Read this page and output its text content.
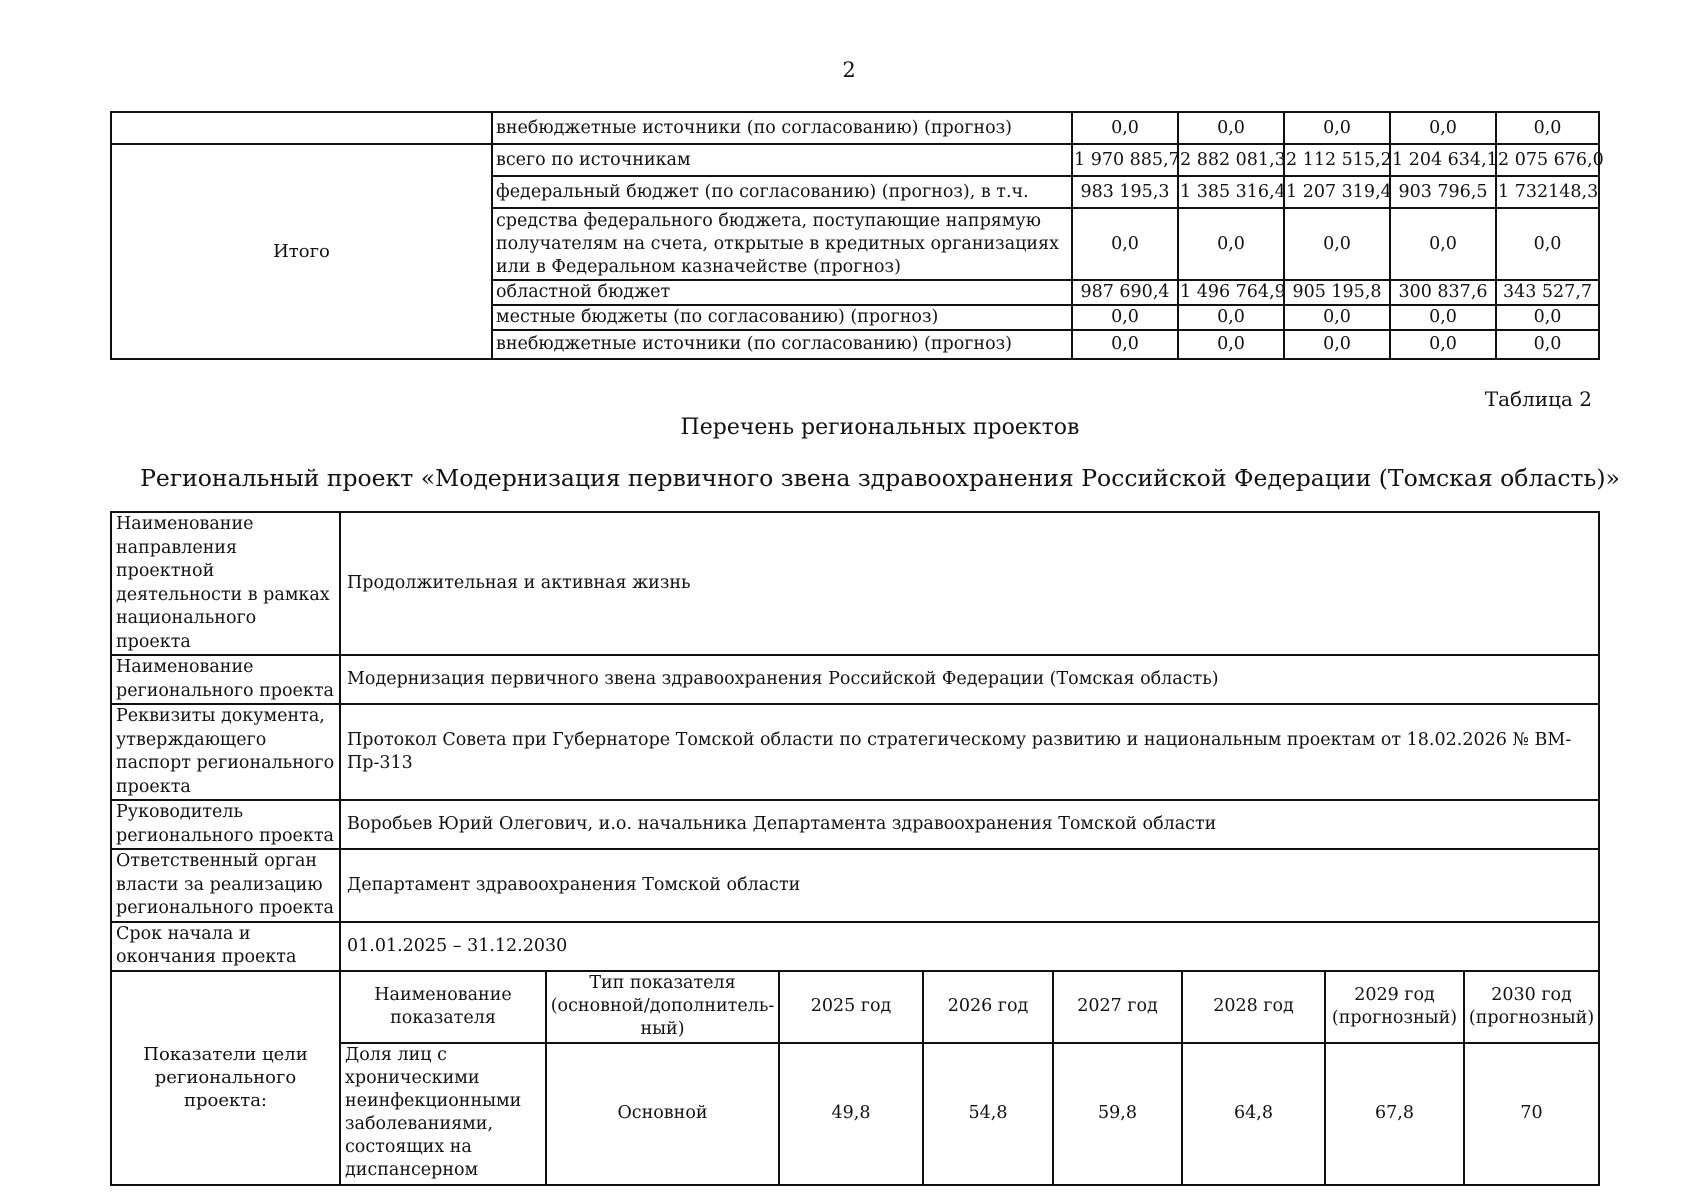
2
	внебюджетные источники (по согласованию) (прогноз)	0,0	0,0	0,0	0,0	0,0
Итого	всего по источникам	1 970 885,7	2 882 081,3	2 112 515,2	1 204 634,1	2 075 676,0
	федеральный бюджет (по согласованию) (прогноз), в т.ч.	983 195,3	1 385 316,4	1 207 319,4	903 796,5	1 732148,3
	средства федерального бюджета, поступающие напрямую получателям на счета, открытые в кредитных организациях или в Федеральном казначействе (прогноз)	0,0	0,0	0,0	0,0	0,0
	областной бюджет	987 690,4	1 496 764,9	905 195,8	300 837,6	343 527,7
	местные бюджеты (по согласованию) (прогноз)	0,0	0,0	0,0	0,0	0,0
	внебюджетные источники (по согласованию) (прогноз)	0,0	0,0	0,0	0,0	0,0
Таблица 2
Перечень региональных проектов
Региональный проект «Модернизация первичного звена здравоохранения Российской Федерации (Томская область)»
Наименование направления проектной деятельности в рамках национального проекта	Продолжительная и активная жизнь							
Наименование регионального проекта	Модернизация первичного звена здравоохранения Российской Федерации (Томская область)							
Реквизиты документа, утверждающего паспорт регионального проекта	Протокол Совета при Губернаторе Томской области по стратегическому развитию и национальным проектам от 18.02.2026 № ВМ-Пр-313							
Руководитель регионального проекта	Воробьев Юрий Олегович, и.о. начальника Департамента здравоохранения Томской области							
Ответственный орган власти за реализацию регионального проекта	Департамент здравоохранения Томской области							
Срок начала и окончания проекта	01.01.2025 – 31.12.2030							
Показатели цели регионального проекта:	Наименование показателя	Тип показателя (основной/дополнитель-ный)	2025 год	2026 год	2027 год	2028 год	2029 год (прогнозный)	2030 год (прогнозный)

	Доля лиц с хроническими неинфекционными заболеваниями, состоящих на диспансерном	Основной	49,8	54,8	59,8	64,8	67,8	70
